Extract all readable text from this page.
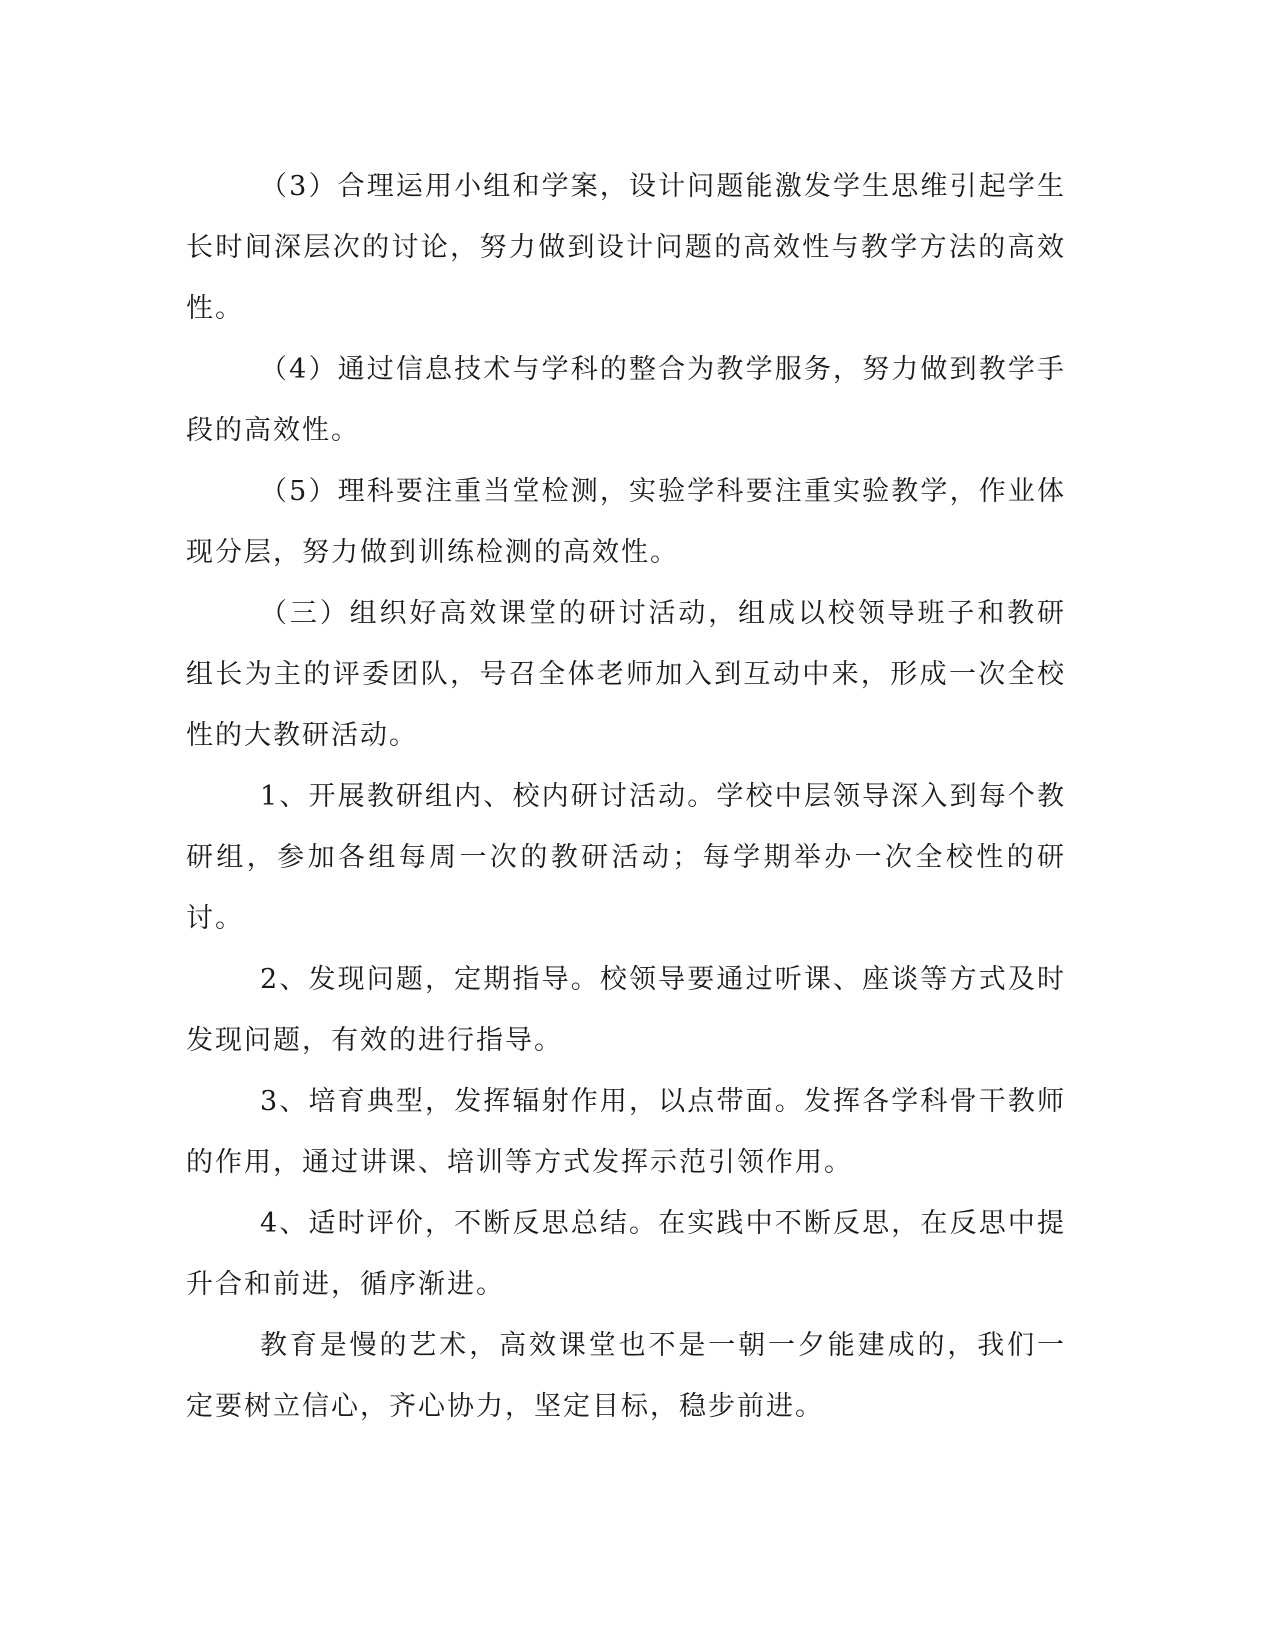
（3）合理运用小组和学案，设计问题能激发学生思维引起学生长时间深层次的讨论，努力做到设计问题的高效性与教学方法的高效性。

（4）通过信息技术与学科的整合为教学服务，努力做到教学手段的高效性。

（5）理科要注重当堂检测，实验学科要注重实验教学，作业体现分层，努力做到训练检测的高效性。

（三）组织好高效课堂的研讨活动，组成以校领导班子和教研组长为主的评委团队，号召全体老师加入到互动中来，形成一次全校性的大教研活动。

1、开展教研组内、校内研讨活动。学校中层领导深入到每个教研组，参加各组每周一次的教研活动；每学期举办一次全校性的研讨。

2、发现问题，定期指导。校领导要通过听课、座谈等方式及时发现问题，有效的进行指导。

3、培育典型，发挥辐射作用，以点带面。发挥各学科骨干教师的作用，通过讲课、培训等方式发挥示范引领作用。

4、适时评价，不断反思总结。在实践中不断反思，在反思中提升合和前进，循序渐进。

教育是慢的艺术，高效课堂也不是一朝一夕能建成的，我们一定要树立信心，齐心协力，坚定目标，稳步前进。
